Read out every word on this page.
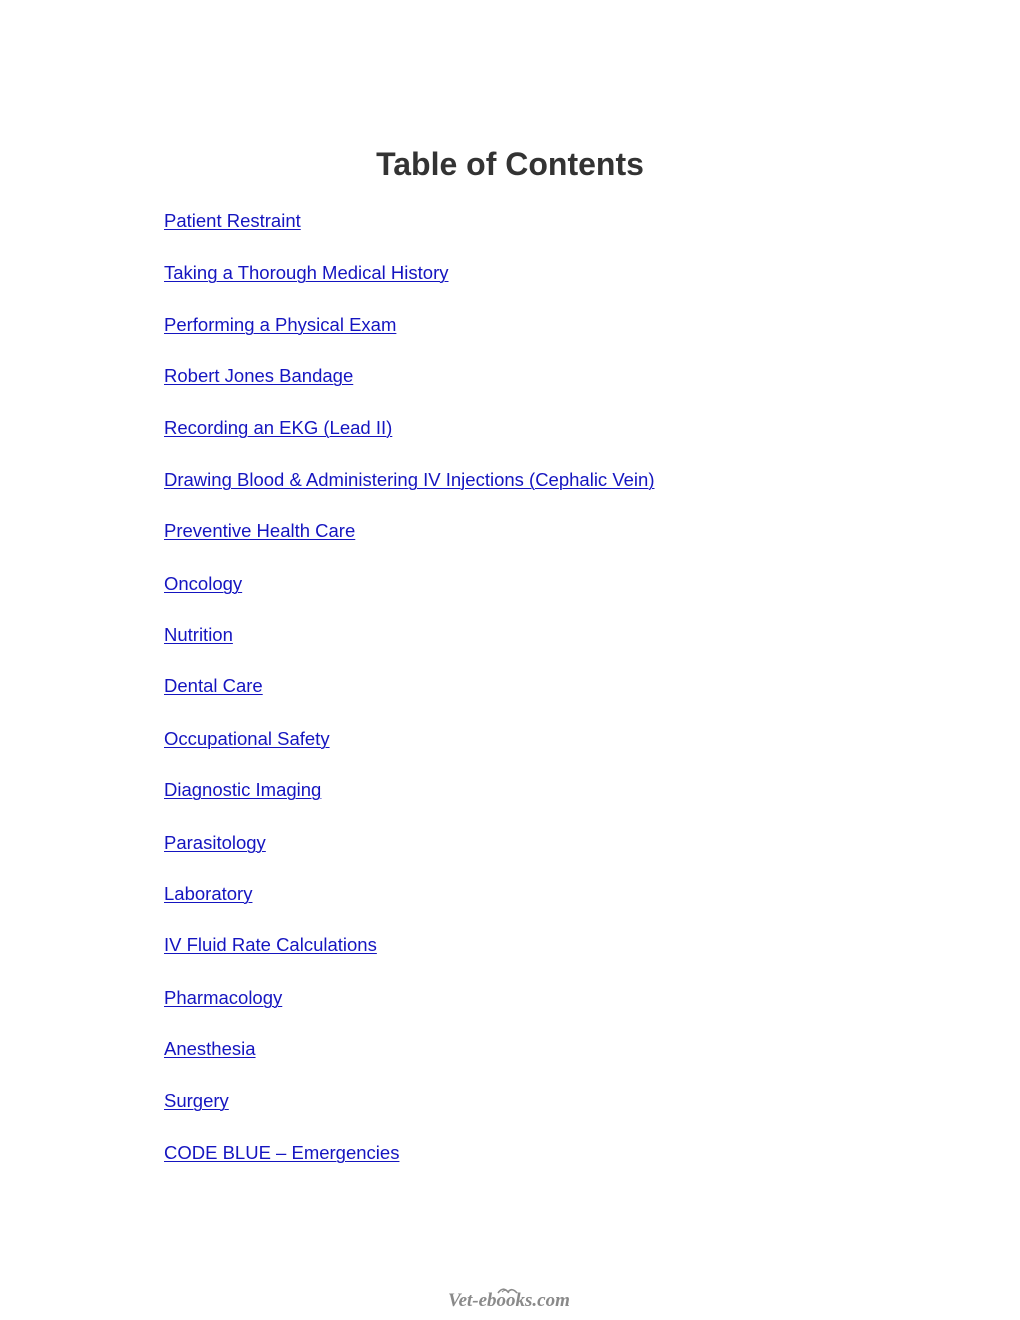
Table of Contents
Patient Restraint
Taking a Thorough Medical History
Performing a Physical Exam
Robert Jones Bandage
Recording an EKG (Lead II)
Drawing Blood & Administering IV Injections (Cephalic Vein)
Preventive Health Care
Oncology
Nutrition
Dental Care
Occupational Safety
Diagnostic Imaging
Parasitology
Laboratory
IV Fluid Rate Calculations
Pharmacology
Anesthesia
Surgery
CODE BLUE – Emergencies
Vet-ebooks.com
